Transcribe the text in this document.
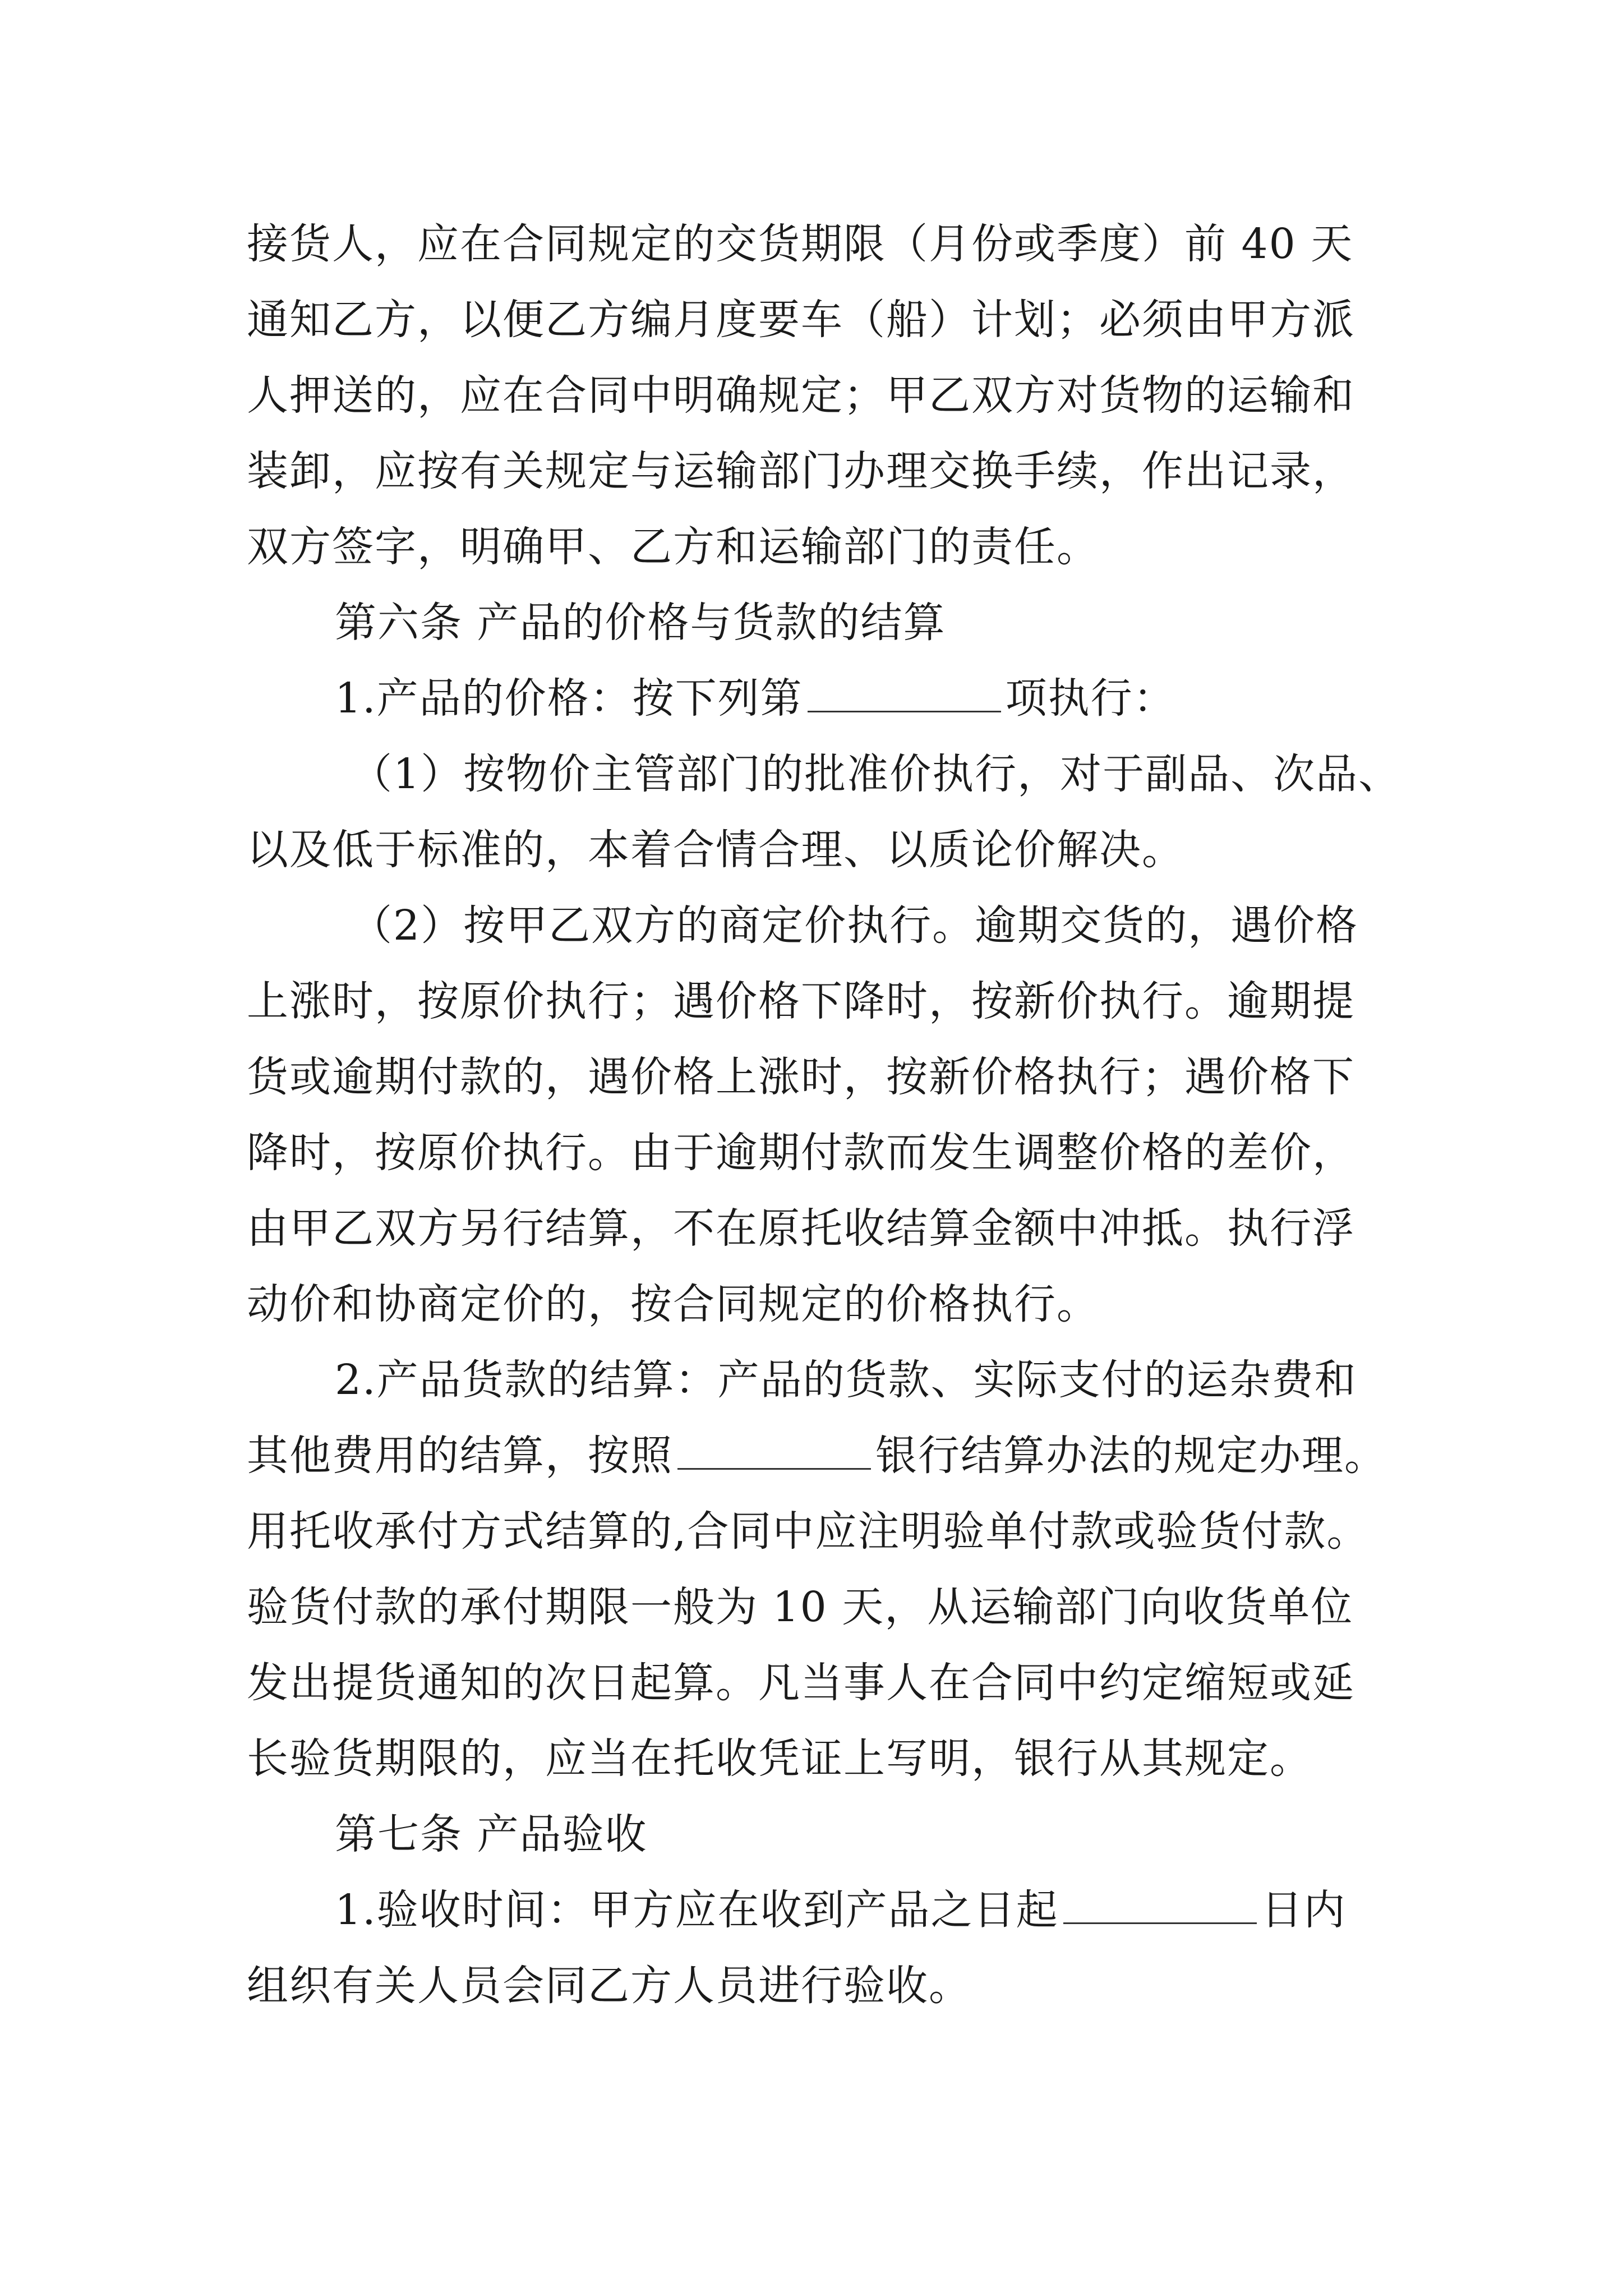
接货人，应在合同规定的交货期限（月份或季度）前 40 天
通知乙方，以便乙方编月度要车（船）计划；必须由甲方派
人押送的，应在合同中明确规定；甲乙双方对货物的运输和
装卸，应按有关规定与运输部门办理交换手续，作出记录，
双方签字，明确甲、乙方和运输部门的责任。
第六条 产品的价格与货款的结算
1.产品的价格：按下列第	项执行：
（1）按物价主管部门的批准价执行，对于副品、次品、
以及低于标准的，本着合情合理、以质论价解决。
（2）按甲乙双方的商定价执行。逾期交货的，遇价格
上涨时，按原价执行；遇价格下降时，按新价执行。逾期提
货或逾期付款的，遇价格上涨时，按新价格执行；遇价格下
降时，按原价执行。由于逾期付款而发生调整价格的差价，
由甲乙双方另行结算，不在原托收结算金额中冲抵。执行浮
动价和协商定价的，按合同规定的价格执行。
2.产品货款的结算：产品的货款、实际支付的运杂费和
其他费用的结算，按照	银行结算办法的规定办理。
用托收承付方式结算的,合同中应注明验单付款或验货付款。
验货付款的承付期限一般为 10 天，从运输部门向收货单位
发出提货通知的次日起算。凡当事人在合同中约定缩短或延
长验货期限的，应当在托收凭证上写明，银行从其规定。
第七条 产品验收
1.验收时间：甲方应在收到产品之日起	日内
组织有关人员会同乙方人员进行验收。
